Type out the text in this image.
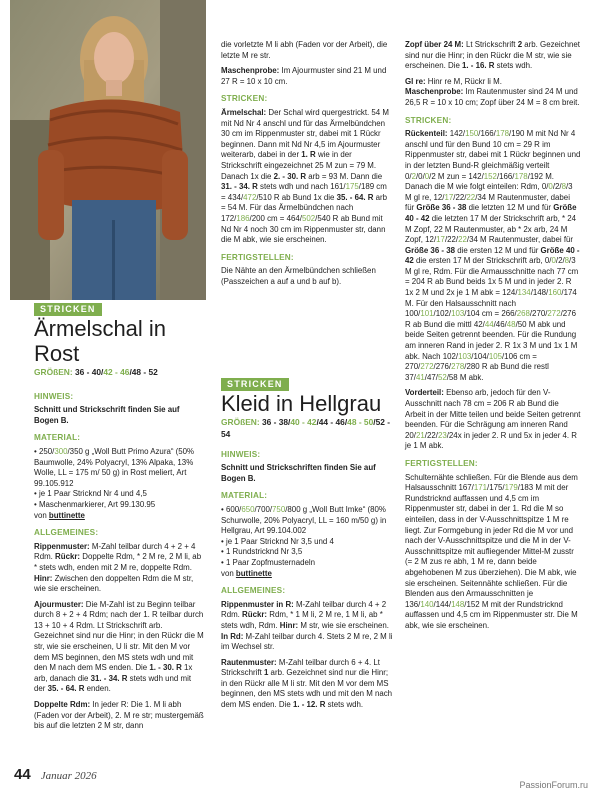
STRICKEN
Ärmelschal in Rost
GRÖßEN: 36 - 40/42 - 46/48 - 52
HINWEIS:

Schnitt und Strickschrift finden Sie auf Bogen B.

MATERIAL:

• 250/300/350 g „Woll Butt Primo Azura“ (50% Baumwolle, 24% Polyacryl, 13% Alpaka, 13% Wolle, LL = 175 m/ 50 g) in Rost meliert, Art 99.105.912

• je 1 Paar Stricknd Nr 4 und 4,5

• Maschenmarkierer, Art 99.130.95

von buttinette

ALLGEMEINES:

Rippenmuster: M-Zahl teilbar durch 4 + 2 + 4 Rdm. Rückr: Doppelte Rdm, * 2 M re, 2 M li, ab * stets wdh, enden mit 2 M re, doppelte Rdm. Hinr: Zwischen den doppelten Rdm die M str, wie sie erscheinen.

Ajourmuster: Die M-Zahl ist zu Beginn teilbar durch 8 + 2 + 4 Rdm; nach der 1. R teilbar durch 13 + 10 + 4 Rdm. Lt Strickschrift arb. Gezeichnet sind nur die Hinr; in den Rückr die M str, wie sie erscheinen, U li str. Mit den M vor dem MS beginnen, den MS stets wdh und mit den M nach dem MS enden. Die 1. - 30. R 1x arb, danach die 31. - 34. R stets wdh und mit der 35. - 64. R enden.

Doppelte Rdm: In jeder R: Die 1. M li abh (Faden vor der Arbeit), 2. M re str; mustergemäß bis auf die letzten 2 M str, dann

die vorletzte M li abh (Faden vor der Arbeit), die letzte M re str.

Maschenprobe: Im Ajourmuster sind 21 M und 27 R = 10 x 10 cm.

STRICKEN:

Ärmelschal: Der Schal wird quergestrickt. 54 M mit Nd Nr 4 anschl und für das Ärmelbündchen 30 cm im Rippenmuster str, dabei mit 1 Rückr beginnen. Dann mit Nd Nr 4,5 im Ajourmuster weiterarb, dabei in der 1. R wie in der Strickschrift eingezeichnet 25 M zun = 79 M. Danach 1x die 2. - 30. R arb = 93 M. Dann die 31. - 34. R stets wdh und nach 161/175/189 cm = 434/472/510 R ab Bund 1x die 35. - 64. R arb = 54 M. Für das Ärmelbündchen nach 172/186/200 cm = 464/502/540 R ab Bund mit Nd Nr 4 noch 30 cm im Rippenmuster str, dann die M abk, wie sie erscheinen.

FERTIGSTELLEN:

Die Nähte an den Ärmelbündchen schließen (Passzeichen a auf a und b auf b).

STRICKEN
Kleid in Hellgrau
GRÖßEN: 36 - 38/40 - 42/44 - 46/48 - 50/52 - 54
HINWEIS:

Schnitt und Strickschriften finden Sie auf Bogen B.

MATERIAL:

• 600/650/700/750/800 g „Woll Butt Imke“ (80% Schurwolle, 20% Polyacryl, LL = 160 m/50 g) in Hellgrau, Art 99.104.002

• je 1 Paar Stricknd Nr 3,5 und 4

• 1 Rundstricknd Nr 3,5

• 1 Paar Zopfmusternadeln

von buttinette

ALLGEMEINES:

Rippenmuster in R: M-Zahl teilbar durch 4 + 2 Rdm. Rückr: Rdm, * 1 M li, 2 M re, 1 M li, ab * stets wdh, Rdm. Hinr: M str, wie sie erscheinen. In Rd: M-Zahl teilbar durch 4. Stets 2 M re, 2 M li im Wechsel str.

Rautenmuster: M-Zahl teilbar durch 6 + 4. Lt Strickschrift 1 arb. Gezeichnet sind nur die Hinr; in den Rückr alle M li str. Mit den M vor dem MS beginnen, den MS stets wdh und mit den M nach dem MS enden. Die 1. - 12. R stets wdh.

Zopf über 24 M: Lt Strickschrift 2 arb. Gezeichnet sind nur die Hinr; in den Rückr die M str, wie sie erscheinen. Die 1. - 16. R stets wdh.

Gl re: Hinr re M, Rückr li M.

Maschenprobe: Im Rautenmuster sind 24 M und 26,5 R = 10 x 10 cm; Zopf über 24 M = 8 cm breit.

STRICKEN:

Rückenteil: 142/150/166/178/190 M mit Nd Nr 4 anschl und für den Bund 10 cm = 29 R im Rippenmuster str, dabei mit 1 Rückr beginnen und in der letzten Bund-R gleichmäßig verteilt 0/2/0/0/2 M zun = 142/152/166/178/192 M. Danach die M wie folgt einteilen: Rdm, 0/0/2/8/3 M gl re, 12/17/22/22/34 M Rautenmuster, dabei für Größe 36 - 38 die letzten 12 M und für Größe 40 - 42 die letzten 17 M der Strickschrift arb, * 24 M Zopf, 22 M Rautenmuster, ab * 2x arb, 24 M Zopf, 12/17/22/22/34 M Rautenmuster, dabei für Größe 36 - 38 die ersten 12 M und für Größe 40 - 42 die ersten 17 M der Strickschrift arb, 0/0/2/8/3 M gl re, Rdm. Für die Armausschnitte nach 77 cm = 204 R ab Bund beids 1x 5 M und in jeder 2. R 1x 2 M und 2x je 1 M abk = 124/134/148/160/174 M. Für den Halsausschnitt nach 100/101/102/103/104 cm = 266/268/270/272/276 R ab Bund die mittl 42/44/46/48/50 M abk und beide Seiten getrennt beenden. Für die Rundung am inneren Rand in jeder 2. R 1x 3 M und 1x 1 M abk. Nach 102/103/104/105/106 cm = 270/272/276/278/280 R ab Bund die restl 37/41/47/52/58 M abk.

Vorderteil: Ebenso arb, jedoch für den V-Ausschnitt nach 78 cm = 206 R ab Bund die Arbeit in der Mitte teilen und beide Seiten getrennt beenden. Für die Schrägung am inneren Rand 20/21/22/23/24x in jeder 2. R und 5x in jeder 4. R je 1 M abk.

FERTIGSTELLEN:

Schulternähte schließen. Für die Blende aus dem Halsausschnitt 167/171/175/179/183 M mit der Rundstricknd auffassen und 4,5 cm im Rippenmuster str, dabei in der 1. Rd die M so einteilen, dass in der V-Ausschnittspitze 1 M re liegt. Zur Formgebung in jeder Rd die M vor und nach der V-Ausschnittspitze und die M in der V-Ausschnittspitze mit aufliegender Mittel-M zusstr (= 2 M zus re abh, 1 M re, dann beide abgehobenen M zus überziehen). Die M abk, wie sie erscheinen. Seitennähte schließen. Für die Blenden aus den Armausschnitten je 136/140/144/148/152 M mit der Rundstricknd auffassen und 4,5 cm im Rippenmuster str. Die M abk, wie sie erscheinen.

44 Januar 2026
PassionForum.ru
